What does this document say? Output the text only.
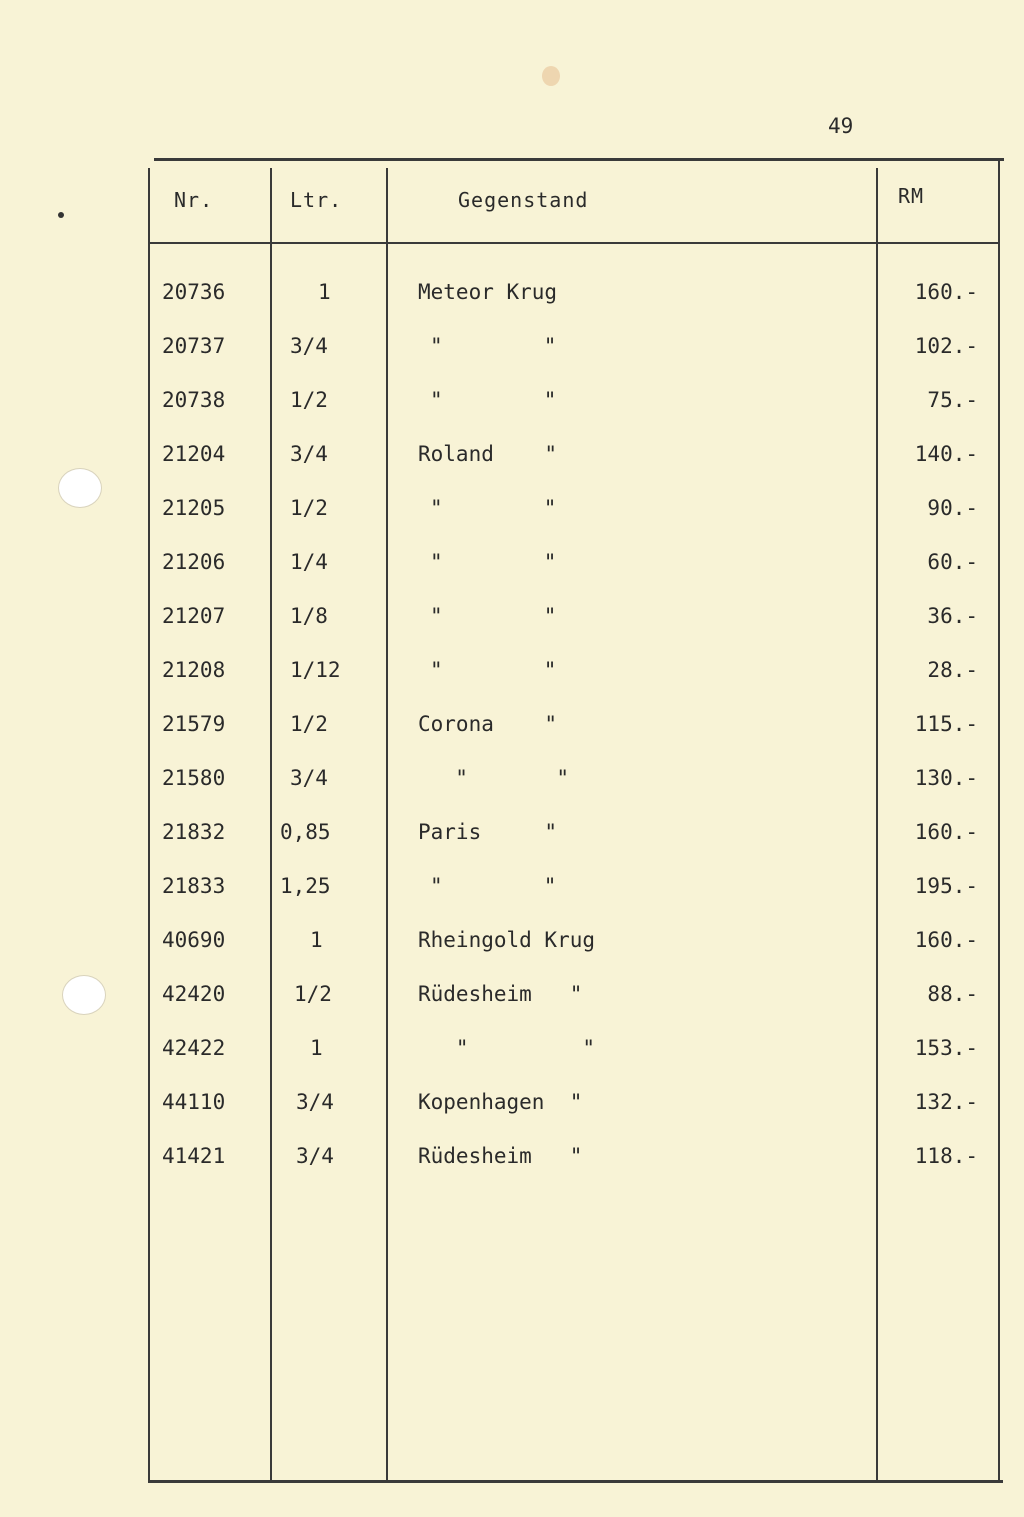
49
Nr.	Ltr.	Gegenstand	RM
20736	1	Meteor Krug	160.-
20737	3/4	"        "	102.-
20738	1/2	"        "	75.-
21204	3/4	Roland    "	140.-
21205	1/2	"        "	90.-
21206	1/4	"        "	60.-
21207	1/8	"        "	36.-
21208	1/12	"        "	28.-
21579	1/2	Corona    "	115.-
21580	3/4	"       "	130.-
21832	0,85	Paris     "	160.-
21833	1,25	"        "	195.-
40690	1	Rheingold Krug	160.-
42420	1/2	Rüdesheim   "	88.-
42422	1	"         "	153.-
44110	3/4	Kopenhagen  "	132.-
41421	3/4	Rüdesheim   "	118.-
